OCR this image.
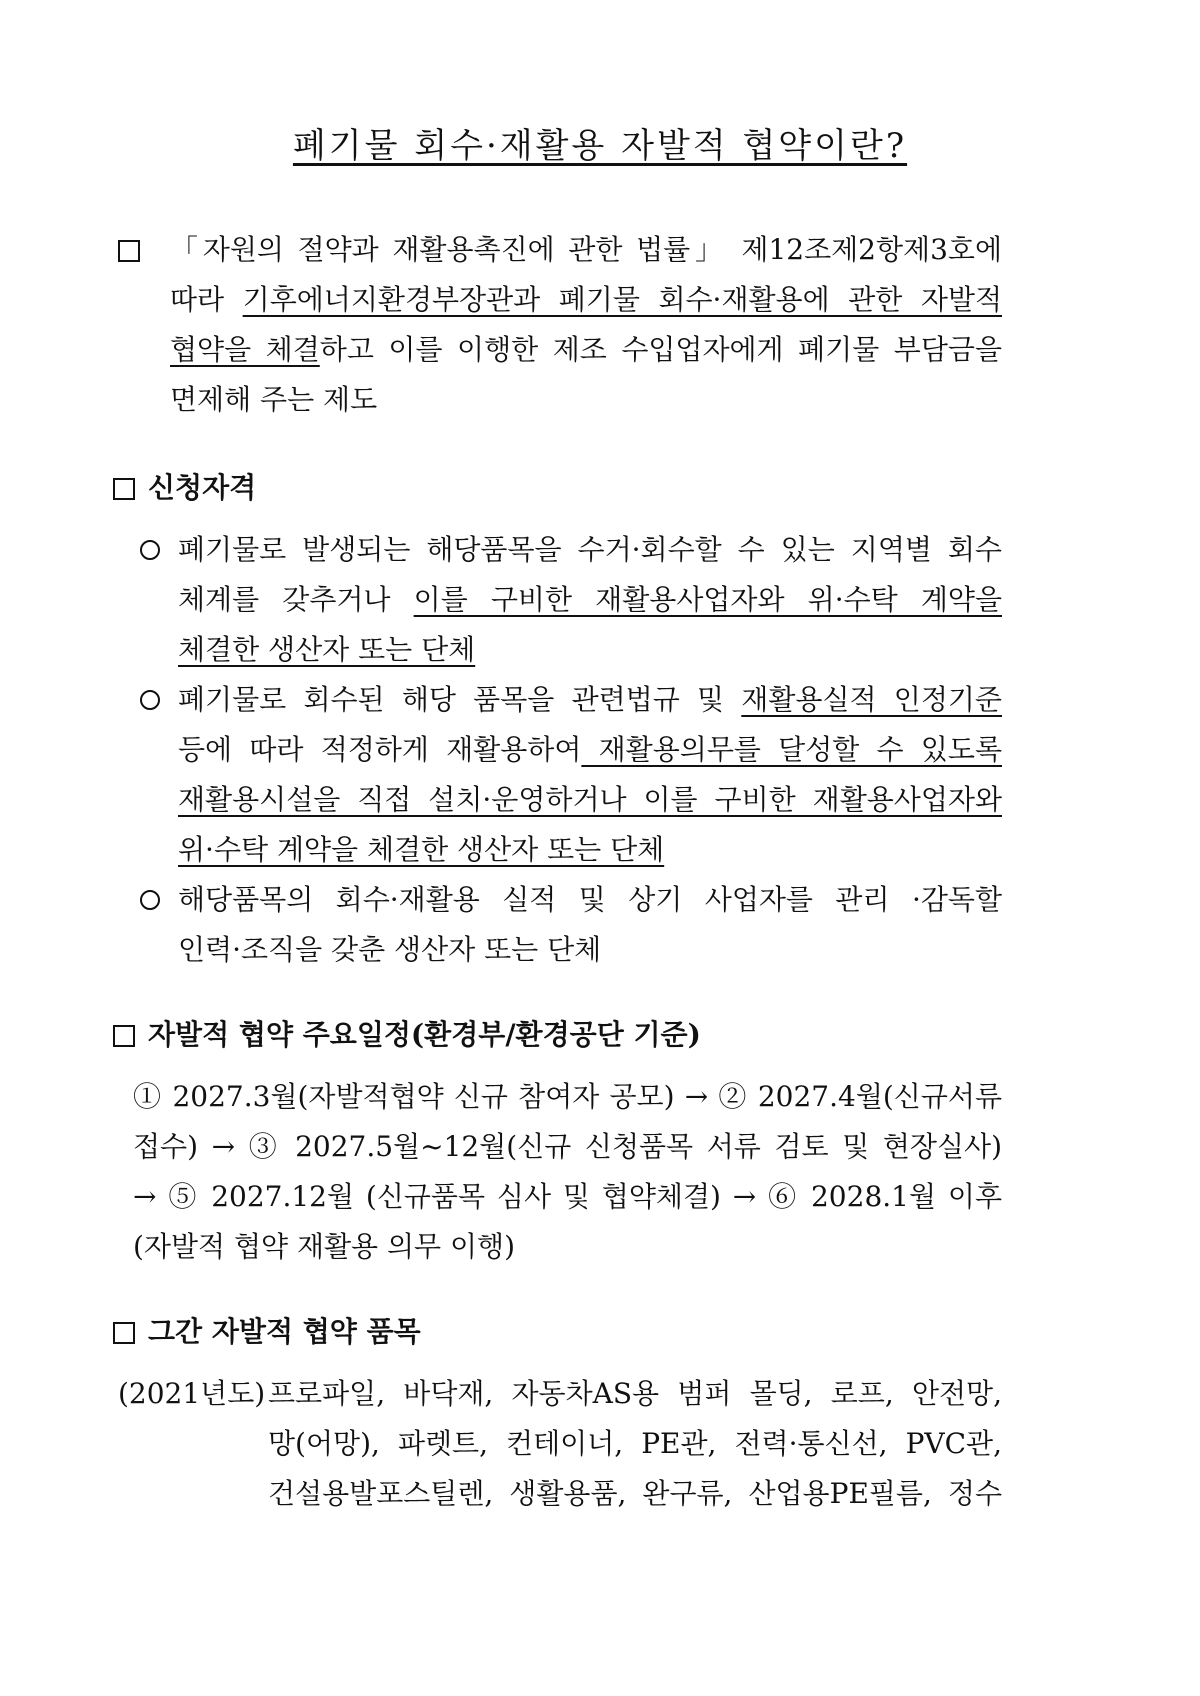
폐기물 회수·재활용 자발적 협약이란?
「자원의 절약과 재활용촉진에 관한 법률」 제12조제2항제3호에
따라 기후에너지환경부장관과 폐기물 회수·재활용에 관한 자발적
협약을 체결하고 이를 이행한 제조 수입업자에게 폐기물 부담금을
면제해 주는 제도
신청자격
폐기물로 발생되는 해당품목을 수거·회수할 수 있는 지역별 회수
체계를 갖추거나 이를 구비한 재활용사업자와 위·수탁 계약을
체결한 생산자 또는 단체
폐기물로 회수된 해당 품목을 관련법규 및 재활용실적 인정기준
등에 따라 적정하게 재활용하여 재활용의무를 달성할 수 있도록
재활용시설을 직접 설치·운영하거나 이를 구비한 재활용사업자와
위·수탁 계약을 체결한 생산자 또는 단체
해당품목의 회수·재활용 실적 및 상기 사업자를 관리 ·감독할
인력·조직을 갖춘 생산자 또는 단체
자발적 협약 주요일정(환경부/환경공단 기준)
① 2027.3월(자발적협약 신규 참여자 공모) → ② 2027.4월(신규서류
접수) → ③ 2027.5월~12월(신규 신청품목 서류 검토 및 현장실사)
→ ⑤ 2027.12월 (신규품목 심사 및 협약체결) → ⑥ 2028.1월 이후
(자발적 협약 재활용 의무 이행)
그간 자발적 협약 품목
(2021년도) 프로파일, 바닥재, 자동차AS용 범퍼 몰딩, 로프, 안전망,
망(어망), 파렛트, 컨테이너, PE관, 전력·통신선, PVC관,
건설용발포스틸렌, 생활용품, 완구류, 산업용PE필름, 정수
